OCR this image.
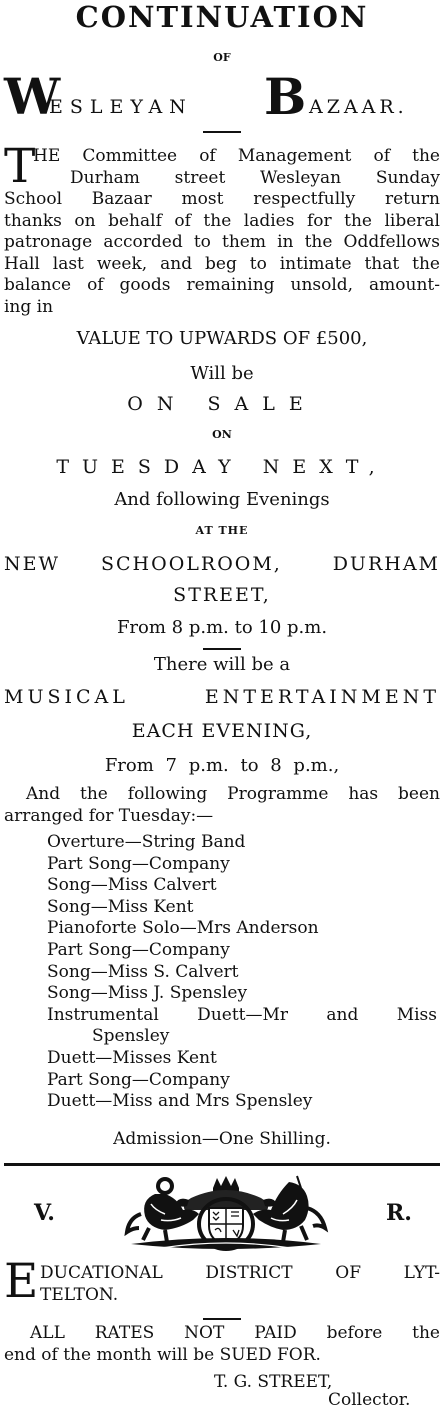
CONTINUATION
OF
W
ESLEYAN B AZAAR.
T
HE Committee of Management of the
Durham street Wesleyan Sunday
School Bazaar most respectfully return
thanks on behalf of the ladies for the liberal
patronage accorded to them in the Oddfellows
Hall last week, and beg to intimate that the
balance of goods remaining unsold, amount-
ing in
VALUE TO UPWARDS OF £500,
Will be
ON SALE
ON
TUESDAY NEXT,
And following Evenings
AT THE
NEW SCHOOLROOM,	DURHAM
STREET,
From 8 p.m. to 10 p.m.
There will be a
MUSICAL	ENTERTAINMENT
EACH EVENING,
From 7 p.m. to 8 p.m.,
And the following Programme has been
arranged for Tuesday:—
Overture—String Band
Part Song—Company
Song—Miss Calvert
Song—Miss Kent
Pianoforte Solo—Mrs Anderson
Part Song—Company
Song—Miss S. Calvert
Song—Miss J. Spensley
Instrumental Duett—Mr and Miss
Spensley
Duett—Misses Kent
Part Song—Company
Duett—Miss and Mrs Spensley
Admission—One Shilling.
V.	R.
E DUCATIONAL DISTRICT OF LYT-
TELTON.
ALL RATES NOT PAID before the
end of the month will be SUED FOR.
T. G. STREET,
Collector.
